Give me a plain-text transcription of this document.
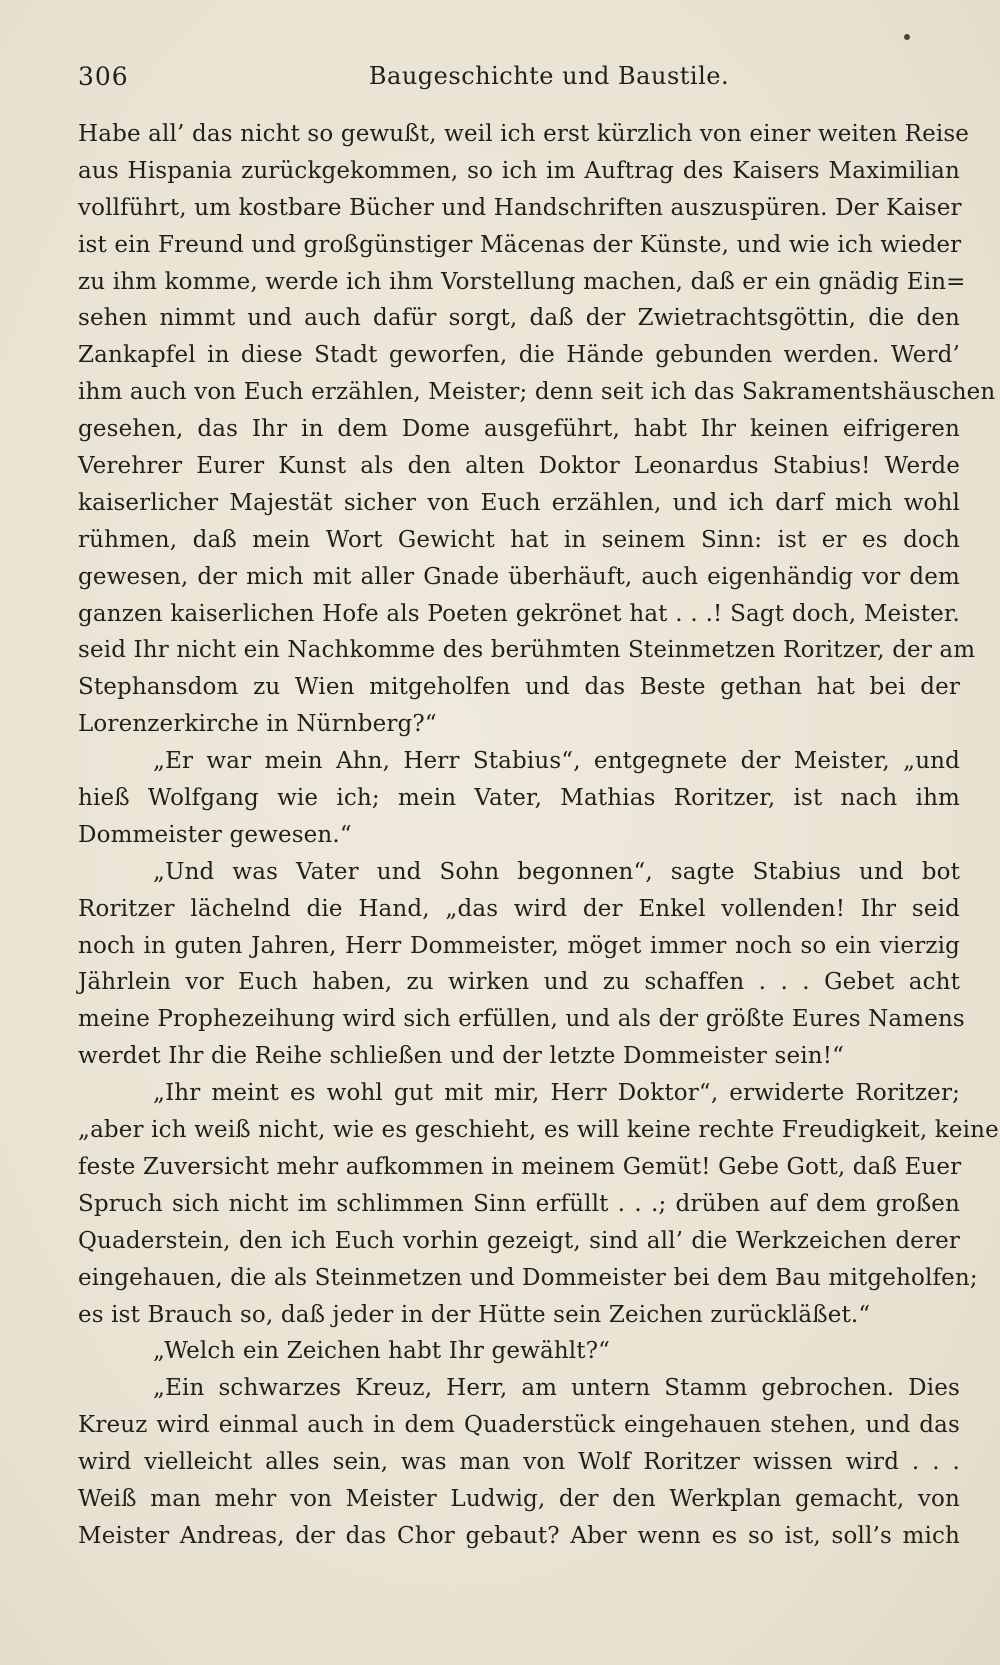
306	Baugeschichte und Baustile.
Habe all’ das nicht so gewußt, weil ich erst kürzlich von einer weiten Reise
aus Hispania zurückgekommen, so ich im Auftrag des Kaisers Maximilian
vollführt, um kostbare Bücher und Handschriften auszuspüren. Der Kaiser
ist ein Freund und großgünstiger Mäcenas der Künste, und wie ich wieder
zu ihm komme, werde ich ihm Vorstellung machen, daß er ein gnädig Ein=
sehen nimmt und auch dafür sorgt, daß der Zwietrachtsgöttin, die den
Zankapfel in diese Stadt geworfen, die Hände gebunden werden. Werd’
ihm auch von Euch erzählen, Meister; denn seit ich das Sakramentshäuschen
gesehen, das Ihr in dem Dome ausgeführt, habt Ihr keinen eifrigeren
Verehrer Eurer Kunst als den alten Doktor Leonardus Stabius! Werde
kaiserlicher Majestät sicher von Euch erzählen, und ich darf mich wohl
rühmen, daß mein Wort Gewicht hat in seinem Sinn: ist er es doch
gewesen, der mich mit aller Gnade überhäuft, auch eigenhändig vor dem
ganzen kaiserlichen Hofe als Poeten gekrönet hat . . .! Sagt doch, Meister.
seid Ihr nicht ein Nachkomme des berühmten Steinmetzen Roritzer, der am
Stephansdom zu Wien mitgeholfen und das Beste gethan hat bei der
Lorenzerkirche in Nürnberg?“
„Er war mein Ahn, Herr Stabius“, entgegnete der Meister, „und
hieß Wolfgang wie ich; mein Vater, Mathias Roritzer, ist nach ihm
Dommeister gewesen.“
„Und was Vater und Sohn begonnen“, sagte Stabius und bot
Roritzer lächelnd die Hand, „das wird der Enkel vollenden! Ihr seid
noch in guten Jahren, Herr Dommeister, möget immer noch so ein vierzig
Jährlein vor Euch haben, zu wirken und zu schaffen . . . Gebet acht
meine Prophezeihung wird sich erfüllen, und als der größte Eures Namens
werdet Ihr die Reihe schließen und der letzte Dommeister sein!“
„Ihr meint es wohl gut mit mir, Herr Doktor“, erwiderte Roritzer;
„aber ich weiß nicht, wie es geschieht, es will keine rechte Freudigkeit, keine
feste Zuversicht mehr aufkommen in meinem Gemüt! Gebe Gott, daß Euer
Spruch sich nicht im schlimmen Sinn erfüllt . . .; drüben auf dem großen
Quaderstein, den ich Euch vorhin gezeigt, sind all’ die Werkzeichen derer
eingehauen, die als Steinmetzen und Dommeister bei dem Bau mitgeholfen;
es ist Brauch so, daß jeder in der Hütte sein Zeichen zurückläßet.“
„Welch ein Zeichen habt Ihr gewählt?“
„Ein schwarzes Kreuz, Herr, am untern Stamm gebrochen. Dies
Kreuz wird einmal auch in dem Quaderstück eingehauen stehen, und das
wird vielleicht alles sein, was man von Wolf Roritzer wissen wird . . .
Weiß man mehr von Meister Ludwig, der den Werkplan gemacht, von
Meister Andreas, der das Chor gebaut? Aber wenn es so ist, soll’s mich
